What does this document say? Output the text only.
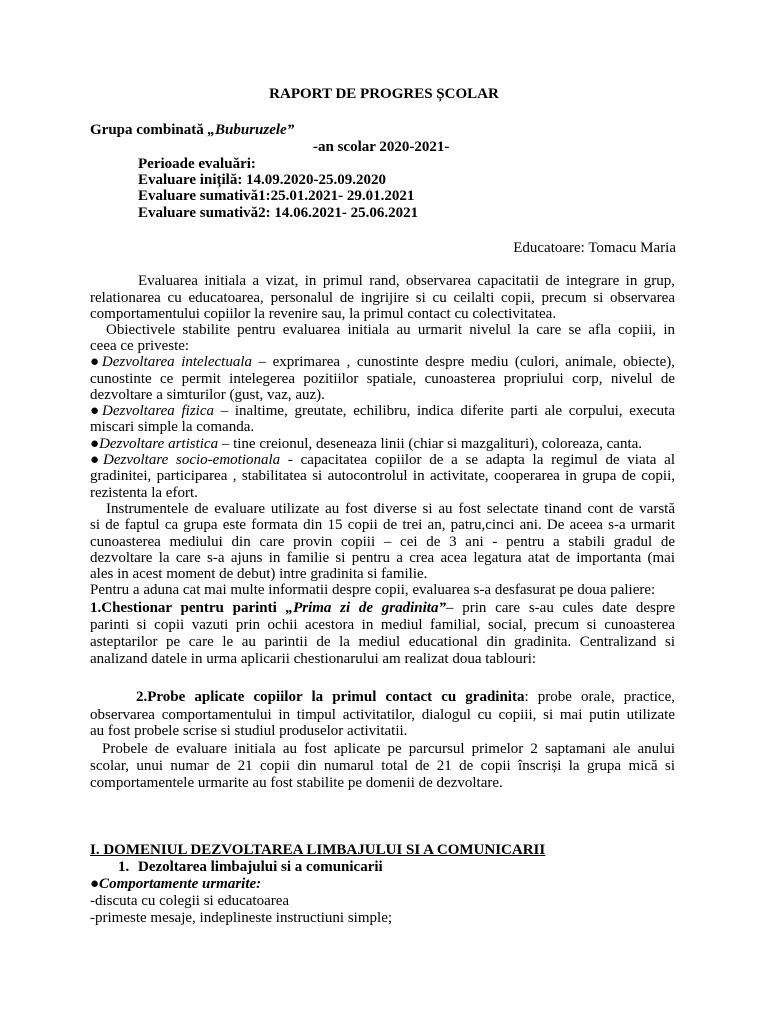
RAPORT DE PROGRES ȘCOLAR
Grupa combinată „Buburuzele”
-an scolar 2020-2021-
Perioade evaluări:
Evaluare inițilă: 14.09.2020-25.09.2020
Evaluare sumativă1:25.01.2021- 29.01.2021
Evaluare sumativă2: 14.06.2021- 25.06.2021
Educatoare: Tomacu Maria
Evaluarea initiala a vizat, in primul rand, observarea capacitatii de integrare in grup,
relationarea cu educatoarea, personalul de ingrijire si cu ceilalti copii, precum si observarea
comportamentului copiilor la revenire sau, la primul contact cu colectivitatea.
Obiectivele stabilite pentru evaluarea initiala au urmarit nivelul la care se afla copiii, in
ceea ce priveste:
●Dezvoltarea intelectuala – exprimarea , cunostinte despre mediu (culori, animale, obiecte),
cunostinte ce permit intelegerea pozitiilor spatiale, cunoasterea propriului corp, nivelul de
dezvoltare a simturilor (gust, vaz, auz).
●Dezvoltarea fizica – inaltime, greutate, echilibru, indica diferite parti ale corpului, executa
miscari simple la comanda.
●Dezvoltare artistica – tine creionul, deseneaza linii (chiar si mazgalituri), coloreaza, canta.
●Dezvoltare socio-emotionala - capacitatea copiilor de a se adapta la regimul de viata al
gradinitei, participarea , stabilitatea si autocontrolul in activitate, cooperarea in grupa de copii,
rezistenta la efort.
Instrumentele de evaluare utilizate au fost diverse si au fost selectate tinand cont de varstă
si de faptul ca grupa este formata din 15 copii de trei an, patru,cinci ani. De aceea s-a urmarit
cunoasterea mediului din care provin copiii – cei de 3 ani - pentru a stabili gradul de
dezvoltare la care s-a ajuns in familie si pentru a crea acea legatura atat de importanta (mai
ales in acest moment de debut) intre gradinita si familie.
Pentru a aduna cat mai multe informatii despre copii, evaluarea s-a desfasurat pe doua paliere:
1.Chestionar pentru parinti „Prima zi de gradinita”– prin care s-au cules date despre
parinti si copii vazuti prin ochii acestora in mediul familial, social, precum si cunoasterea
asteptarilor pe care le au parintii de la mediul educational din gradinita. Centralizand si
analizand datele in urma aplicarii chestionarului am realizat doua tablouri:
2.Probe aplicate copiilor la primul contact cu gradinita: probe orale, practice,
observarea comportamentului in timpul activitatilor, dialogul cu copiii, si mai putin utilizate
au fost probele scrise si studiul produselor activitatii.
Probele de evaluare initiala au fost aplicate pe parcursul primelor 2 saptamani ale anului
scolar, unui numar de 21 copii din numarul total de 21 de copii înscriși la grupa mică si
comportamentele urmarite au fost stabilite pe domenii de dezvoltare.
I. DOMENIUL DEZVOLTAREA LIMBAJULUI SI A COMUNICARII
1. Dezoltarea limbajului si a comunicarii
●Comportamente urmarite:
-discuta cu colegii si educatoarea
-primeste mesaje, indeplineste instructiuni simple;
